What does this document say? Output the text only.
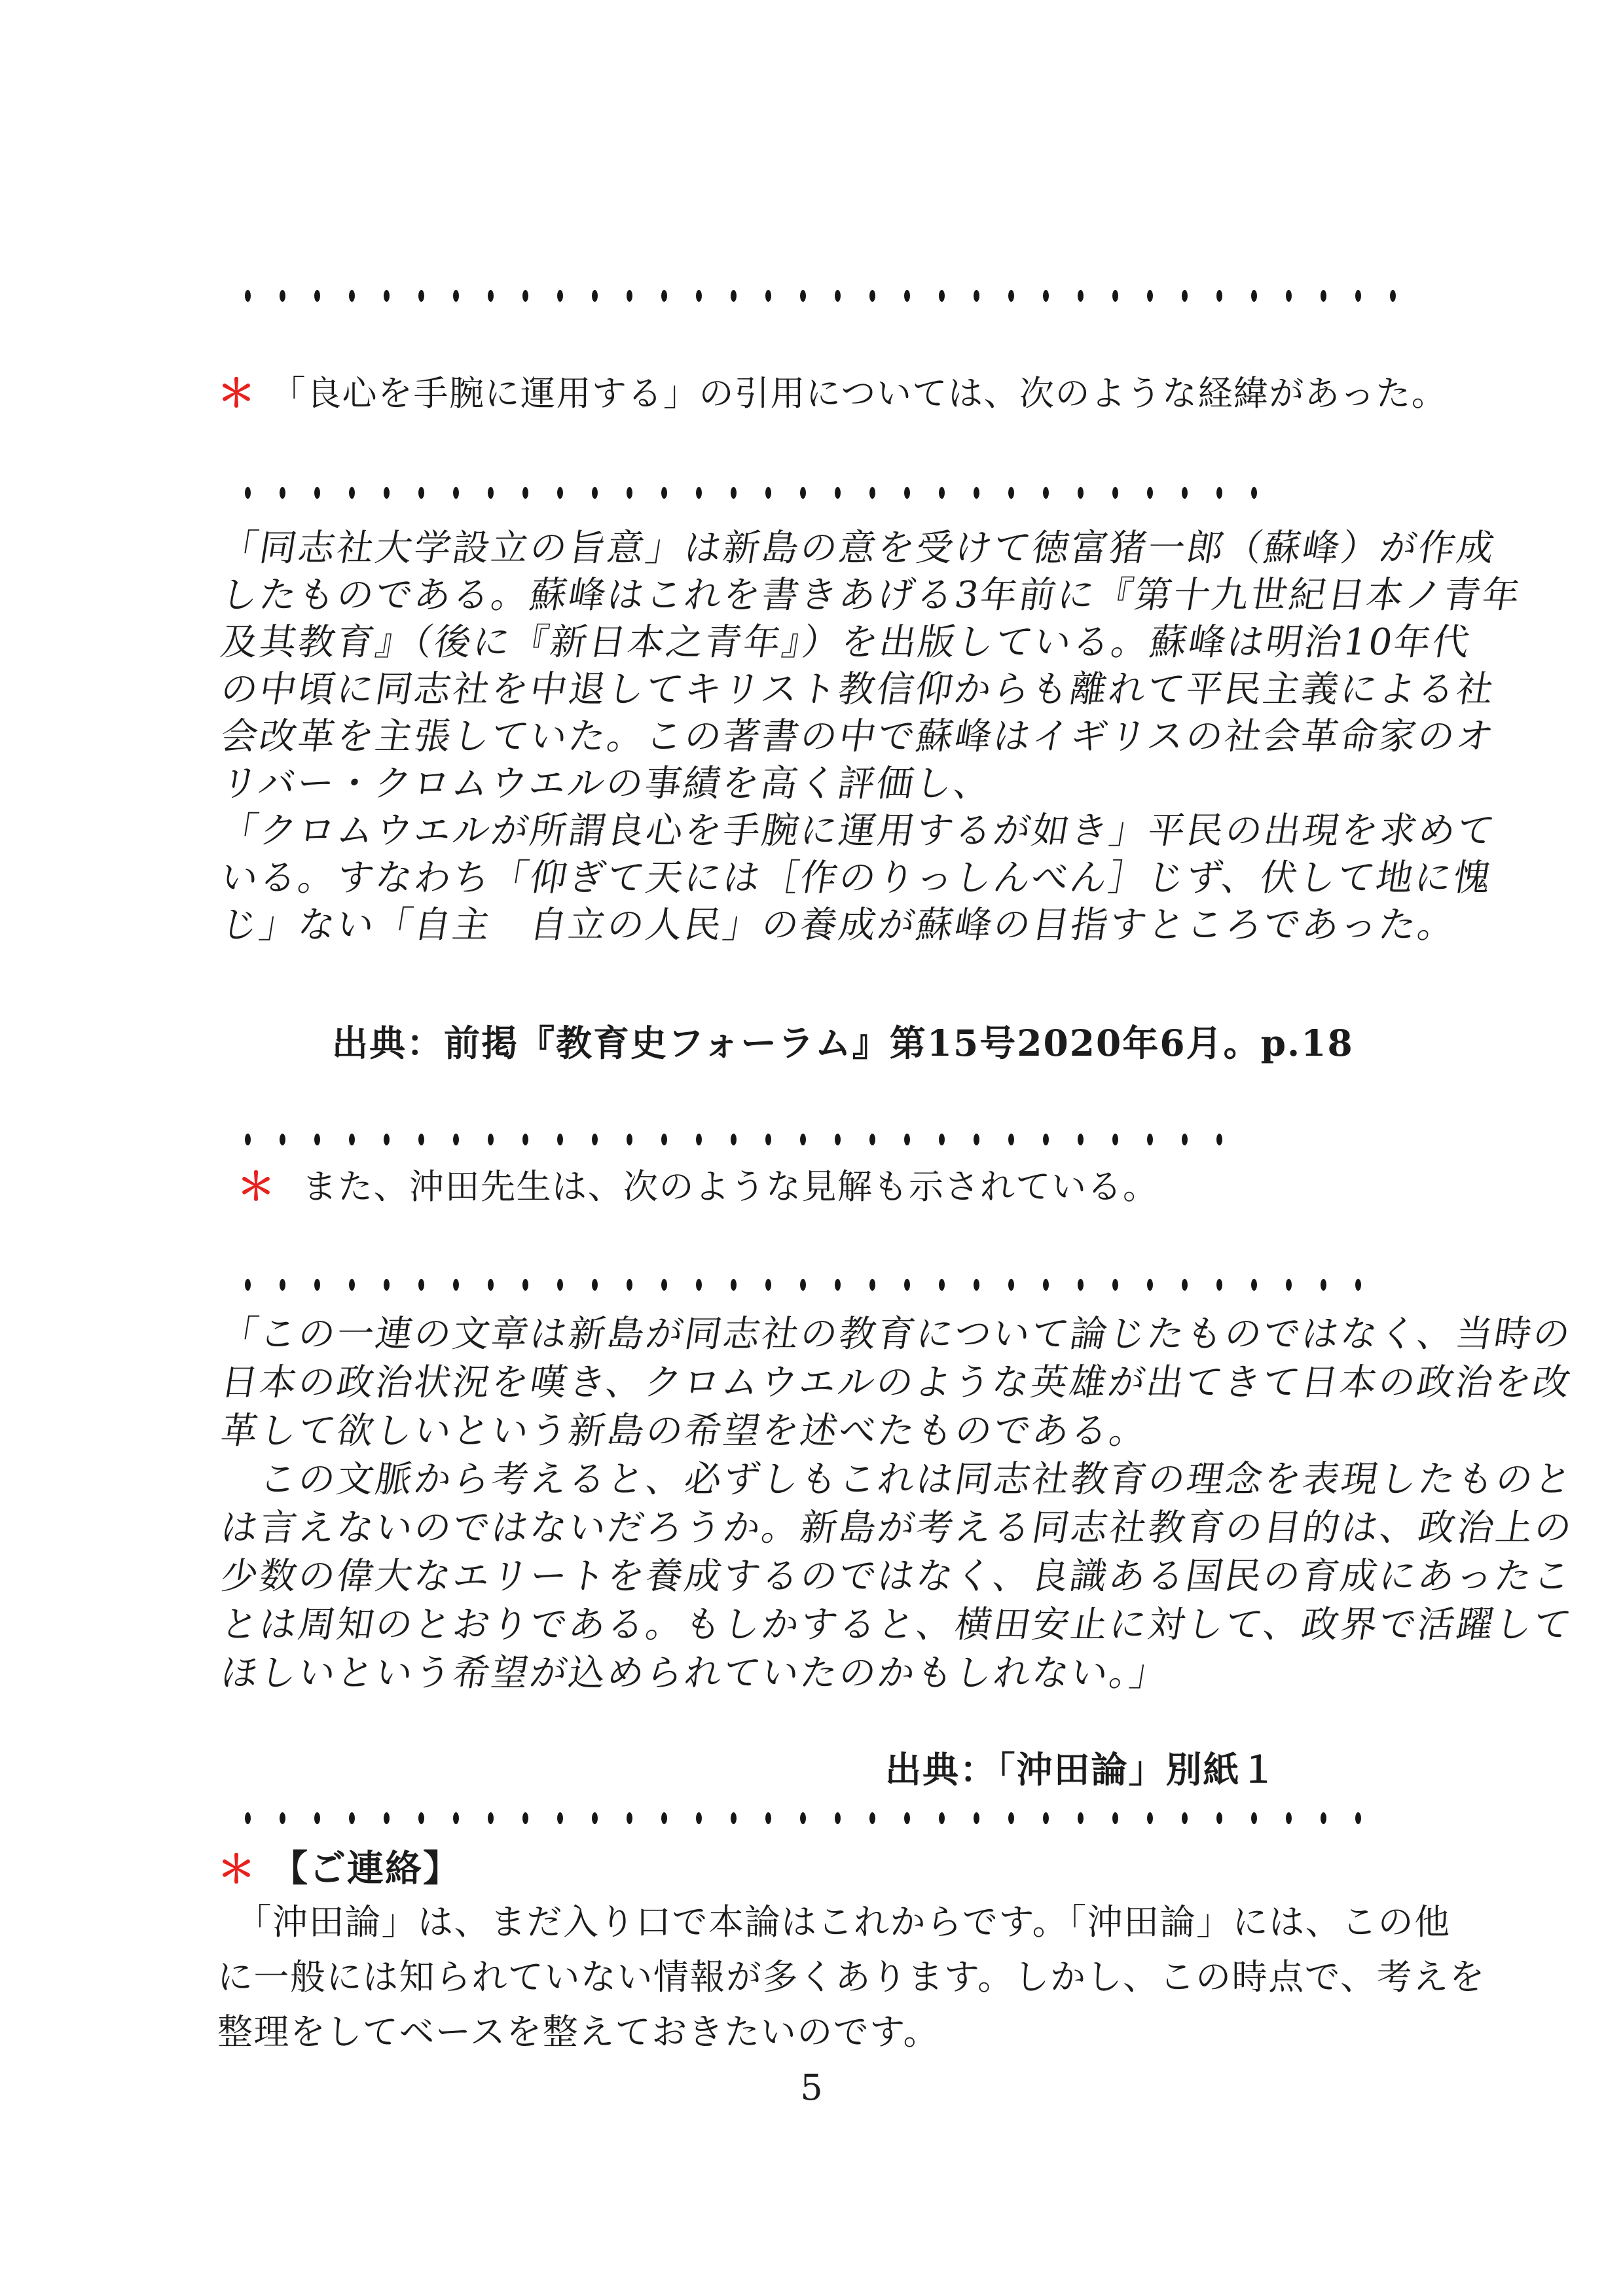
＊ 「良心を手腕に運用する」の引用については、次のような経緯があった。
「同志社大学設立の旨意」は新島の意を受けて徳富猪一郎（蘇峰）が作成
したものである。蘇峰はこれを書きあげる3年前に『第十九世紀日本ノ青年
及其教育』（後に『新日本之青年』）を出版している。蘇峰は明治10年代
の中頃に同志社を中退してキリスト教信仰からも離れて平民主義による社
会改革を主張していた。この著書の中で蘇峰はイギリスの社会革命家のオ
リバー・クロムウエルの事績を高く評価し、
「クロムウエルが所謂良心を手腕に運用するが如き」平民の出現を求めて
いる。すなわち「仰ぎて天には［作のりっしんべん］じず、伏して地に愧
じ」ない「自主　自立の人民」の養成が蘇峰の目指すところであった。
出典：前掲『教育史フォーラム』第15号2020年6月。p.18
＊ また、沖田先生は、次のような見解も示されている。
「この一連の文章は新島が同志社の教育について論じたものではなく、当時の
日本の政治状況を嘆き、クロムウエルのような英雄が出てきて日本の政治を改
革して欲しいという新島の希望を述べたものである。
　この文脈から考えると、必ずしもこれは同志社教育の理念を表現したものと
は言えないのではないだろうか。新島が考える同志社教育の目的は、政治上の
少数の偉大なエリートを養成するのではなく、良識ある国民の育成にあったこ
とは周知のとおりである。もしかすると、横田安止に対して、政界で活躍して
ほしいという希望が込められていたのかもしれない。」
出典：「沖田論」別紙１
＊ 【ご連絡】
　「沖田論」は、まだ入り口で本論はこれからです。「沖田論」には、この他
に一般には知られていない情報が多くあります。しかし、この時点で、考えを
整理をしてベースを整えておきたいのです。
5
